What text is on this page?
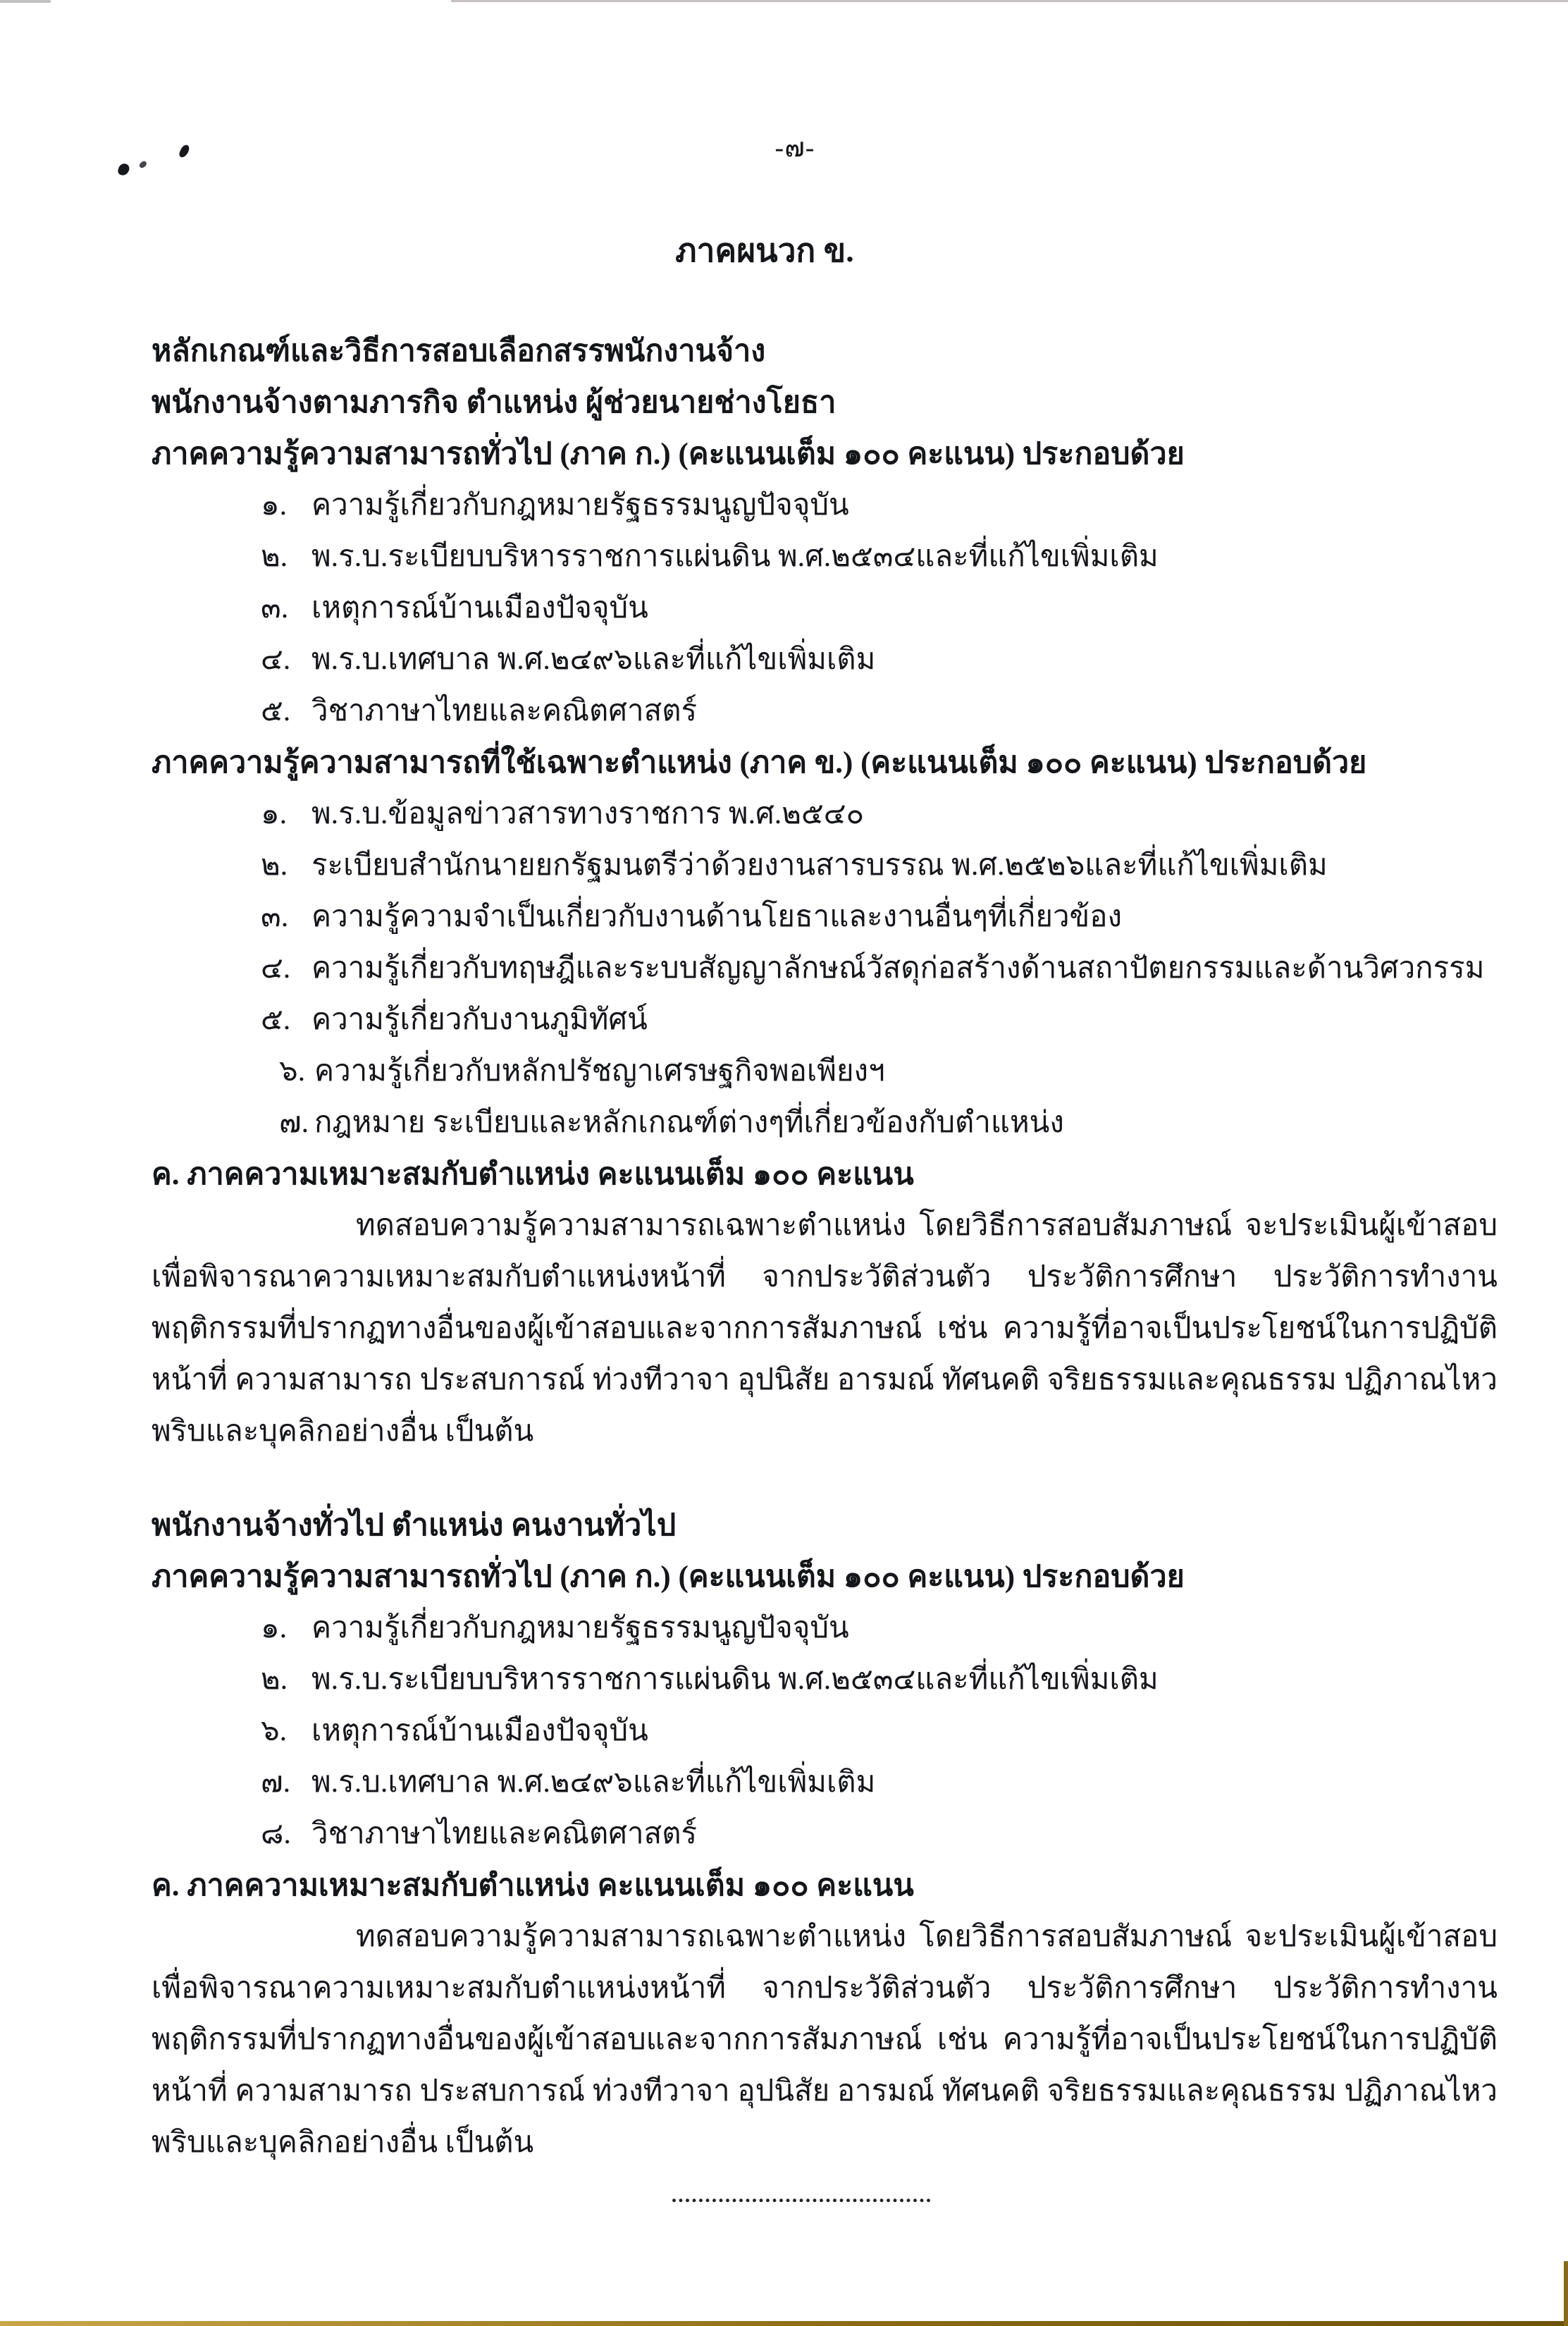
-๗-
ภาคผนวก ข.
หลักเกณฑ์และวิธีการสอบเลือกสรรพนักงานจ้าง
พนักงานจ้างตามภารกิจ ตำแหน่ง ผู้ช่วยนายช่างโยธา
ภาคความรู้ความสามารถทั่วไป (ภาค ก.) (คะแนนเต็ม ๑๐๐ คะแนน) ประกอบด้วย
๑. ความรู้เกี่ยวกับกฎหมายรัฐธรรมนูญปัจจุบัน
๒. พ.ร.บ.ระเบียบบริหารราชการแผ่นดิน พ.ศ.๒๕๓๔และที่แก้ไขเพิ่มเติม
๓. เหตุการณ์บ้านเมืองปัจจุบัน
๔. พ.ร.บ.เทศบาล พ.ศ.๒๔๙๖และที่แก้ไขเพิ่มเติม
๕. วิชาภาษาไทยและคณิตศาสตร์
ภาคความรู้ความสามารถที่ใช้เฉพาะตำแหน่ง (ภาค ข.) (คะแนนเต็ม ๑๐๐ คะแนน) ประกอบด้วย
๑. พ.ร.บ.ข้อมูลข่าวสารทางราชการ พ.ศ.๒๕๔๐
๒. ระเบียบสำนักนายยกรัฐมนตรีว่าด้วยงานสารบรรณ พ.ศ.๒๕๒๖และที่แก้ไขเพิ่มเติม
๓. ความรู้ความจำเป็นเกี่ยวกับงานด้านโยธาและงานอื่นๆที่เกี่ยวข้อง
๔. ความรู้เกี่ยวกับทฤษฎีและระบบสัญญาลักษณ์วัสดุก่อสร้างด้านสถาปัตยกรรมและด้านวิศวกรรม
๕. ความรู้เกี่ยวกับงานภูมิทัศน์
๖. ความรู้เกี่ยวกับหลักปรัชญาเศรษฐกิจพอเพียงฯ
๗. กฎหมาย ระเบียบและหลักเกณฑ์ต่างๆที่เกี่ยวข้องกับตำแหน่ง
ค. ภาคความเหมาะสมกับตำแหน่ง คะแนนเต็ม ๑๐๐ คะแนน
ทดสอบความรู้ความสามารถเฉพาะตำแหน่ง โดยวิธีการสอบสัมภาษณ์ จะประเมินผู้เข้าสอบเพื่อพิจารณาความเหมาะสมกับตำแหน่งหน้าที่ จากประวัติส่วนตัว ประวัติการศึกษา ประวัติการทำงาน พฤติกรรมที่ปรากฏทางอื่นของผู้เข้าสอบและจากการสัมภาษณ์ เช่น ความรู้ที่อาจเป็นประโยชน์ในการปฏิบัติหน้าที่ ความสามารถ ประสบการณ์ ท่วงทีวาจา อุปนิสัย อารมณ์ ทัศนคติ จริยธรรมและคุณธรรม ปฏิภาณไหวพริบและบุคลิกอย่างอื่น เป็นต้น
พนักงานจ้างทั่วไป ตำแหน่ง คนงานทั่วไป
ภาคความรู้ความสามารถทั่วไป (ภาค ก.) (คะแนนเต็ม ๑๐๐ คะแนน) ประกอบด้วย
๑. ความรู้เกี่ยวกับกฎหมายรัฐธรรมนูญปัจจุบัน
๒. พ.ร.บ.ระเบียบบริหารราชการแผ่นดิน พ.ศ.๒๕๓๔และที่แก้ไขเพิ่มเติม
๖. เหตุการณ์บ้านเมืองปัจจุบัน
๗. พ.ร.บ.เทศบาล พ.ศ.๒๔๙๖และที่แก้ไขเพิ่มเติม
๘. วิชาภาษาไทยและคณิตศาสตร์
ค. ภาคความเหมาะสมกับตำแหน่ง คะแนนเต็ม ๑๐๐ คะแนน
ทดสอบความรู้ความสามารถเฉพาะตำแหน่ง โดยวิธีการสอบสัมภาษณ์ จะประเมินผู้เข้าสอบเพื่อพิจารณาความเหมาะสมกับตำแหน่งหน้าที่ จากประวัติส่วนตัว ประวัติการศึกษา ประวัติการทำงาน พฤติกรรมที่ปรากฏทางอื่นของผู้เข้าสอบและจากการสัมภาษณ์ เช่น ความรู้ที่อาจเป็นประโยชน์ในการปฏิบัติหน้าที่ ความสามารถ ประสบการณ์ ท่วงทีวาจา อุปนิสัย อารมณ์ ทัศนคติ จริยธรรมและคุณธรรม ปฏิภาณไหวพริบและบุคลิกอย่างอื่น เป็นต้น
.......................................
